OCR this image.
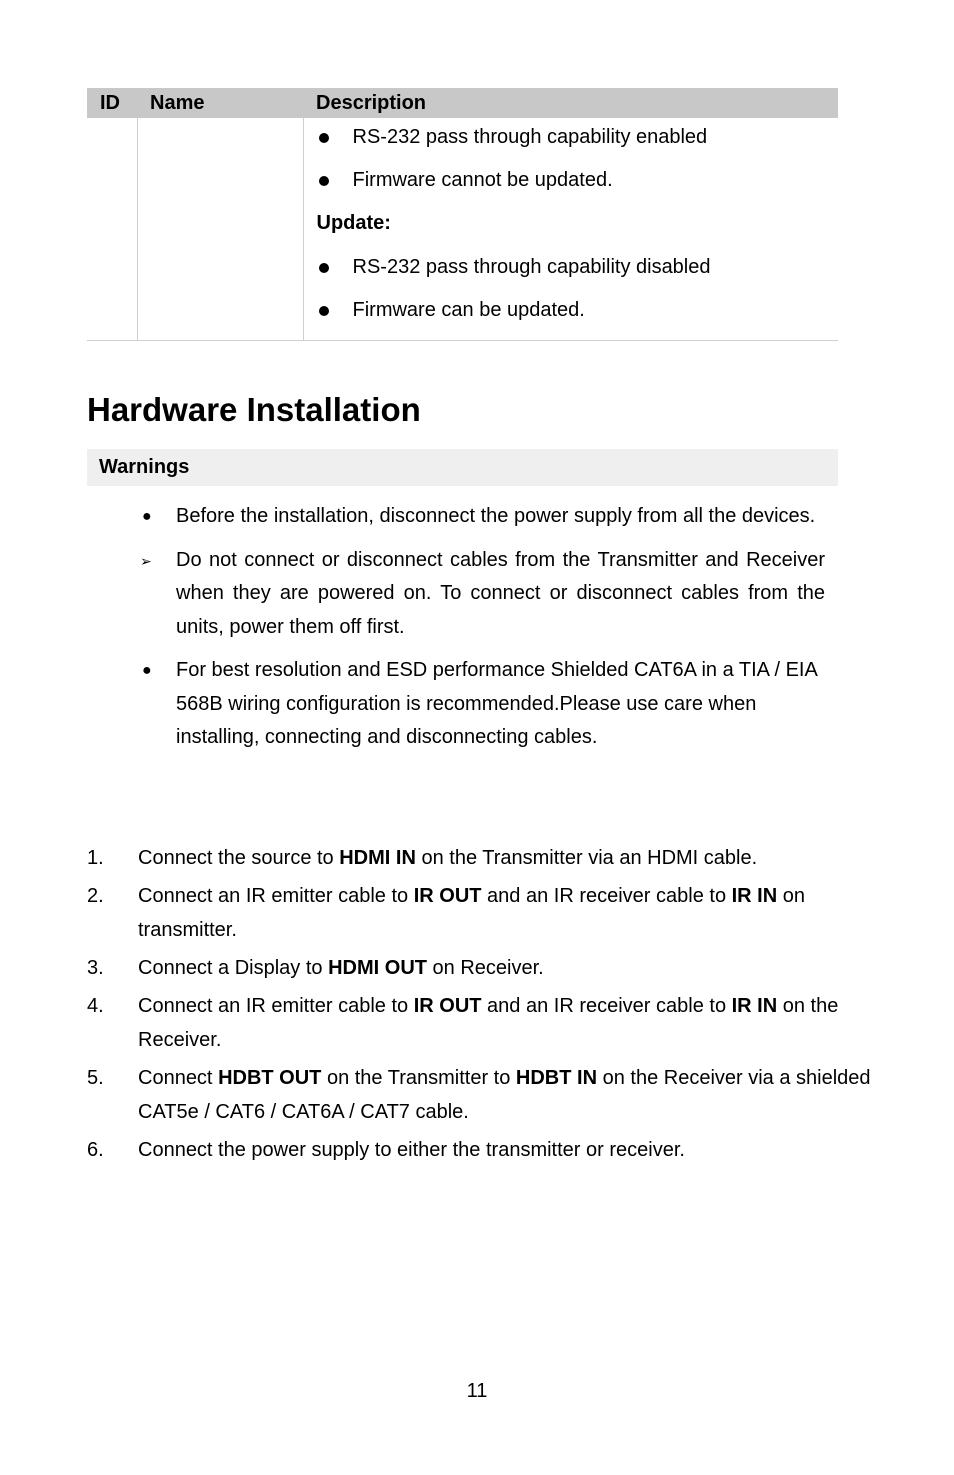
ID	Name	Description

RS-232 pass through capability enabled
Firmware cannot be updated.
Update:
RS-232 pass through capability disabled
Firmware can be updated.
Hardware Installation
Warnings
● Before the installation, disconnect the power supply from all the devices.
➢ Do not connect or disconnect cables from the Transmitter and Receiver when they are powered on. To connect or disconnect cables from the units, power them off first.
● For best resolution and ESD performance Shielded CAT6A in a TIA / EIA 568B wiring configuration is recommended.Please use care when installing, connecting and disconnecting cables.
1. Connect the source to HDMI IN on the Transmitter via an HDMI cable.
2. Connect an IR emitter cable to IR OUT and an IR receiver cable to IR IN on transmitter.
3. Connect a Display to HDMI OUT on Receiver.
4. Connect an IR emitter cable to IR OUT and an IR receiver cable to IR IN on the Receiver.
5. Connect HDBT OUT on the Transmitter to HDBT IN on the Receiver via a shielded CAT5e / CAT6 / CAT6A / CAT7 cable.
6. Connect the power supply to either the transmitter or receiver.
11
